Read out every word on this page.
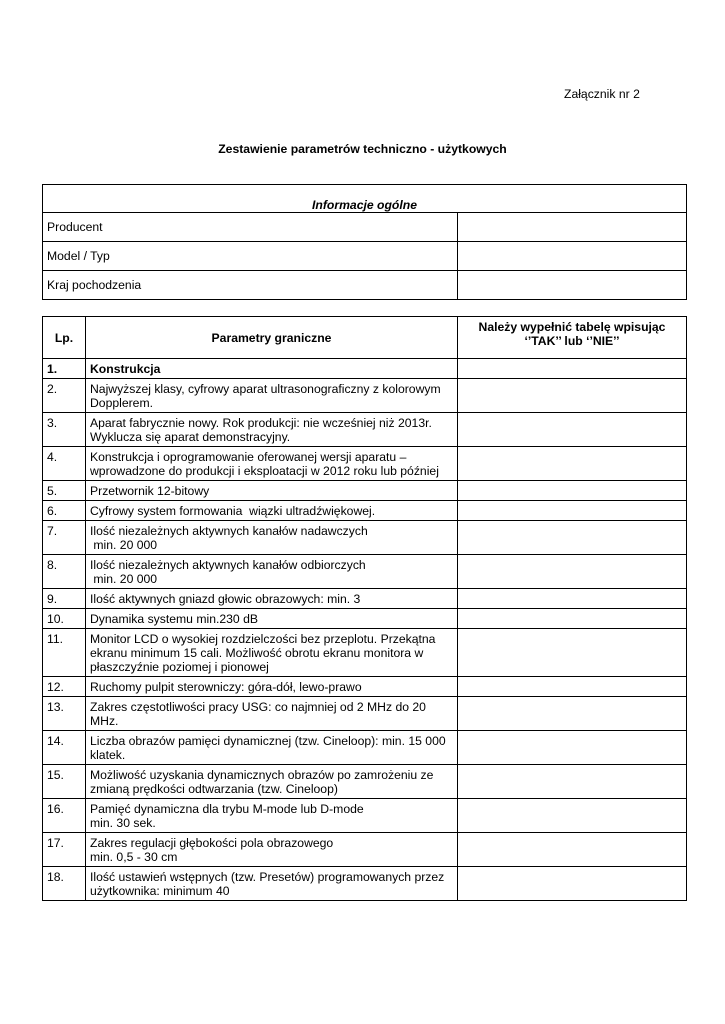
Załącznik nr 2
Zestawienie parametrów techniczno - użytkowych
Informacje ogólne	
Producent	
Model / Typ	
Kraj pochodzenia	
Lp.	Parametry graniczne	Należy wypełnić tabelę wpisując ‘’TAK’’ lub ‘’NIE’’
1.	Konstrukcja	
2.	Najwyższej klasy, cyfrowy aparat ultrasonograficzny z kolorowym Dopplerem.	
3.	Aparat fabrycznie nowy. Rok produkcji: nie wcześniej niż 2013r. Wyklucza się aparat demonstracyjny.	
4.	Konstrukcja i oprogramowanie oferowanej wersji aparatu – wprowadzone do produkcji i eksploatacji w 2012 roku lub później	
5.	Przetwornik 12-bitowy	
6.	Cyfrowy system formowania  wiązki ultradźwiękowej.	
7.	Ilość niezależnych aktywnych kanałów nadawczych
min. 20 000	
8.	Ilość niezależnych aktywnych kanałów odbiorczych
min. 20 000	
9.	Ilość aktywnych gniazd głowic obrazowych: min. 3	
10.	Dynamika systemu min.230 dB	
11.	Monitor LCD o wysokiej rozdzielczości bez przeplotu. Przekątna ekranu minimum 15 cali. Możliwość obrotu ekranu monitora w płaszczyźnie poziomej i pionowej	
12.	Ruchomy pulpit sterowniczy: góra-dół, lewo-prawo	
13.	Zakres częstotliwości pracy USG: co najmniej od 2 MHz do 20 MHz.	
14.	Liczba obrazów pamięci dynamicznej (tzw. Cineloop): min. 15 000 klatek.	
15.	Możliwość uzyskania dynamicznych obrazów po zamrożeniu ze zmianą prędkości odtwarzania (tzw. Cineloop)	
16.	Pamięć dynamiczna dla trybu M-mode lub D-mode
min. 30 sek.	
17.	Zakres regulacji głębokości pola obrazowego
min. 0,5 - 30 cm	
18.	Ilość ustawień wstępnych (tzw. Presetów) programowanych przez użytkownika: minimum 40	
